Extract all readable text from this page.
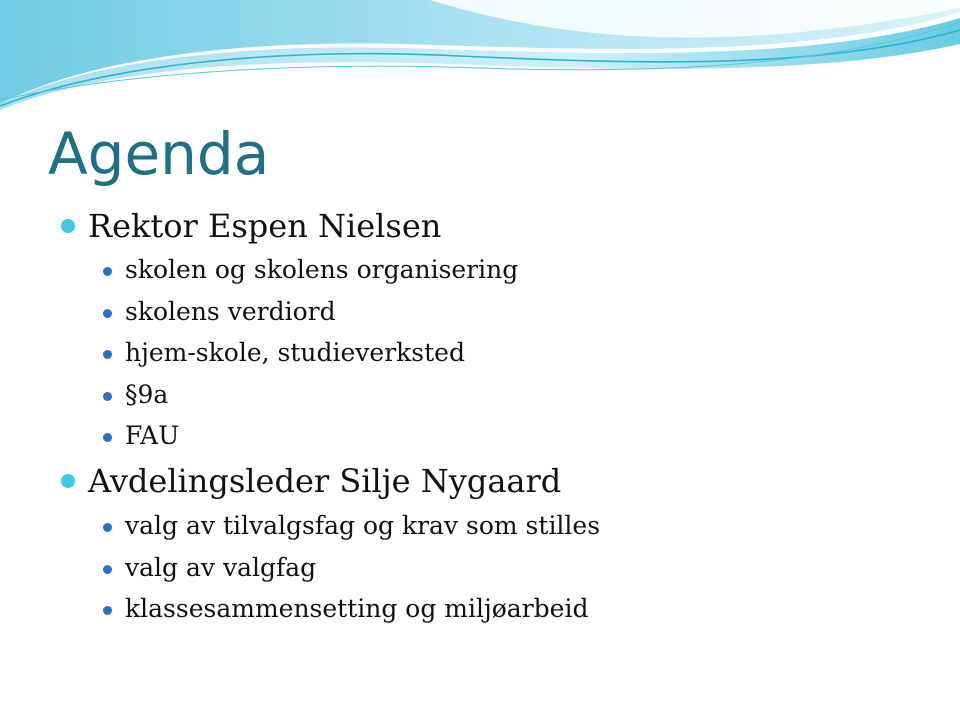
Agenda
Rektor Espen Nielsen
skolen og skolens organisering
skolens verdiord
hjem-skole, studieverksted
§9a
FAU
Avdelingsleder Silje Nygaard
valg av tilvalgsfag og krav som stilles
valg av valgfag
klassesammensetting og miljøarbeid
